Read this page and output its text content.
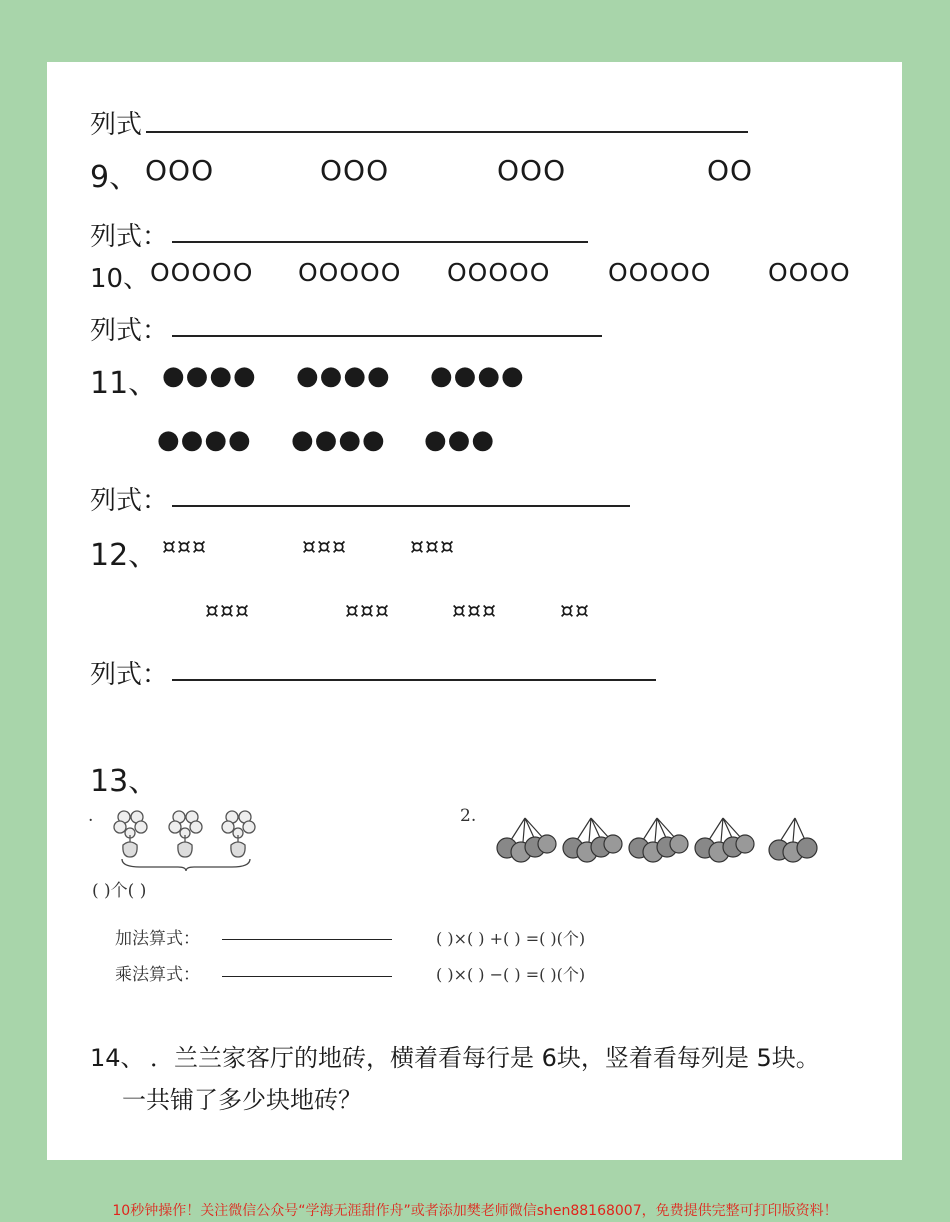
列式
9、 OOO	OOO	OOO	OO
列式：
10、 OOOOO OOOOO OOOOO OOOOO OOOO
列式：
11、 ●●●● ●●●● ●●●●
●●●● ●●●● ●●●
列式：
12、 ¤¤¤	¤¤¤	¤¤¤
¤¤¤	¤¤¤	¤¤¤	¤¤
列式：
13、
.	2.
( )个( )
加法算式：
乘法算式：
( )×( ) +( ) =( )(个)
( )×( ) −( ) =( )(个)
14、 ．兰兰家客厅的地砖，横着看每行是 6块，竖着看每列是 5块。
一共铺了多少块地砖？
10秒钟操作！关注微信公众号“学海无涯甜作舟”或者添加樊老师微信shen88168007，免费提供完整可打印版资料！
